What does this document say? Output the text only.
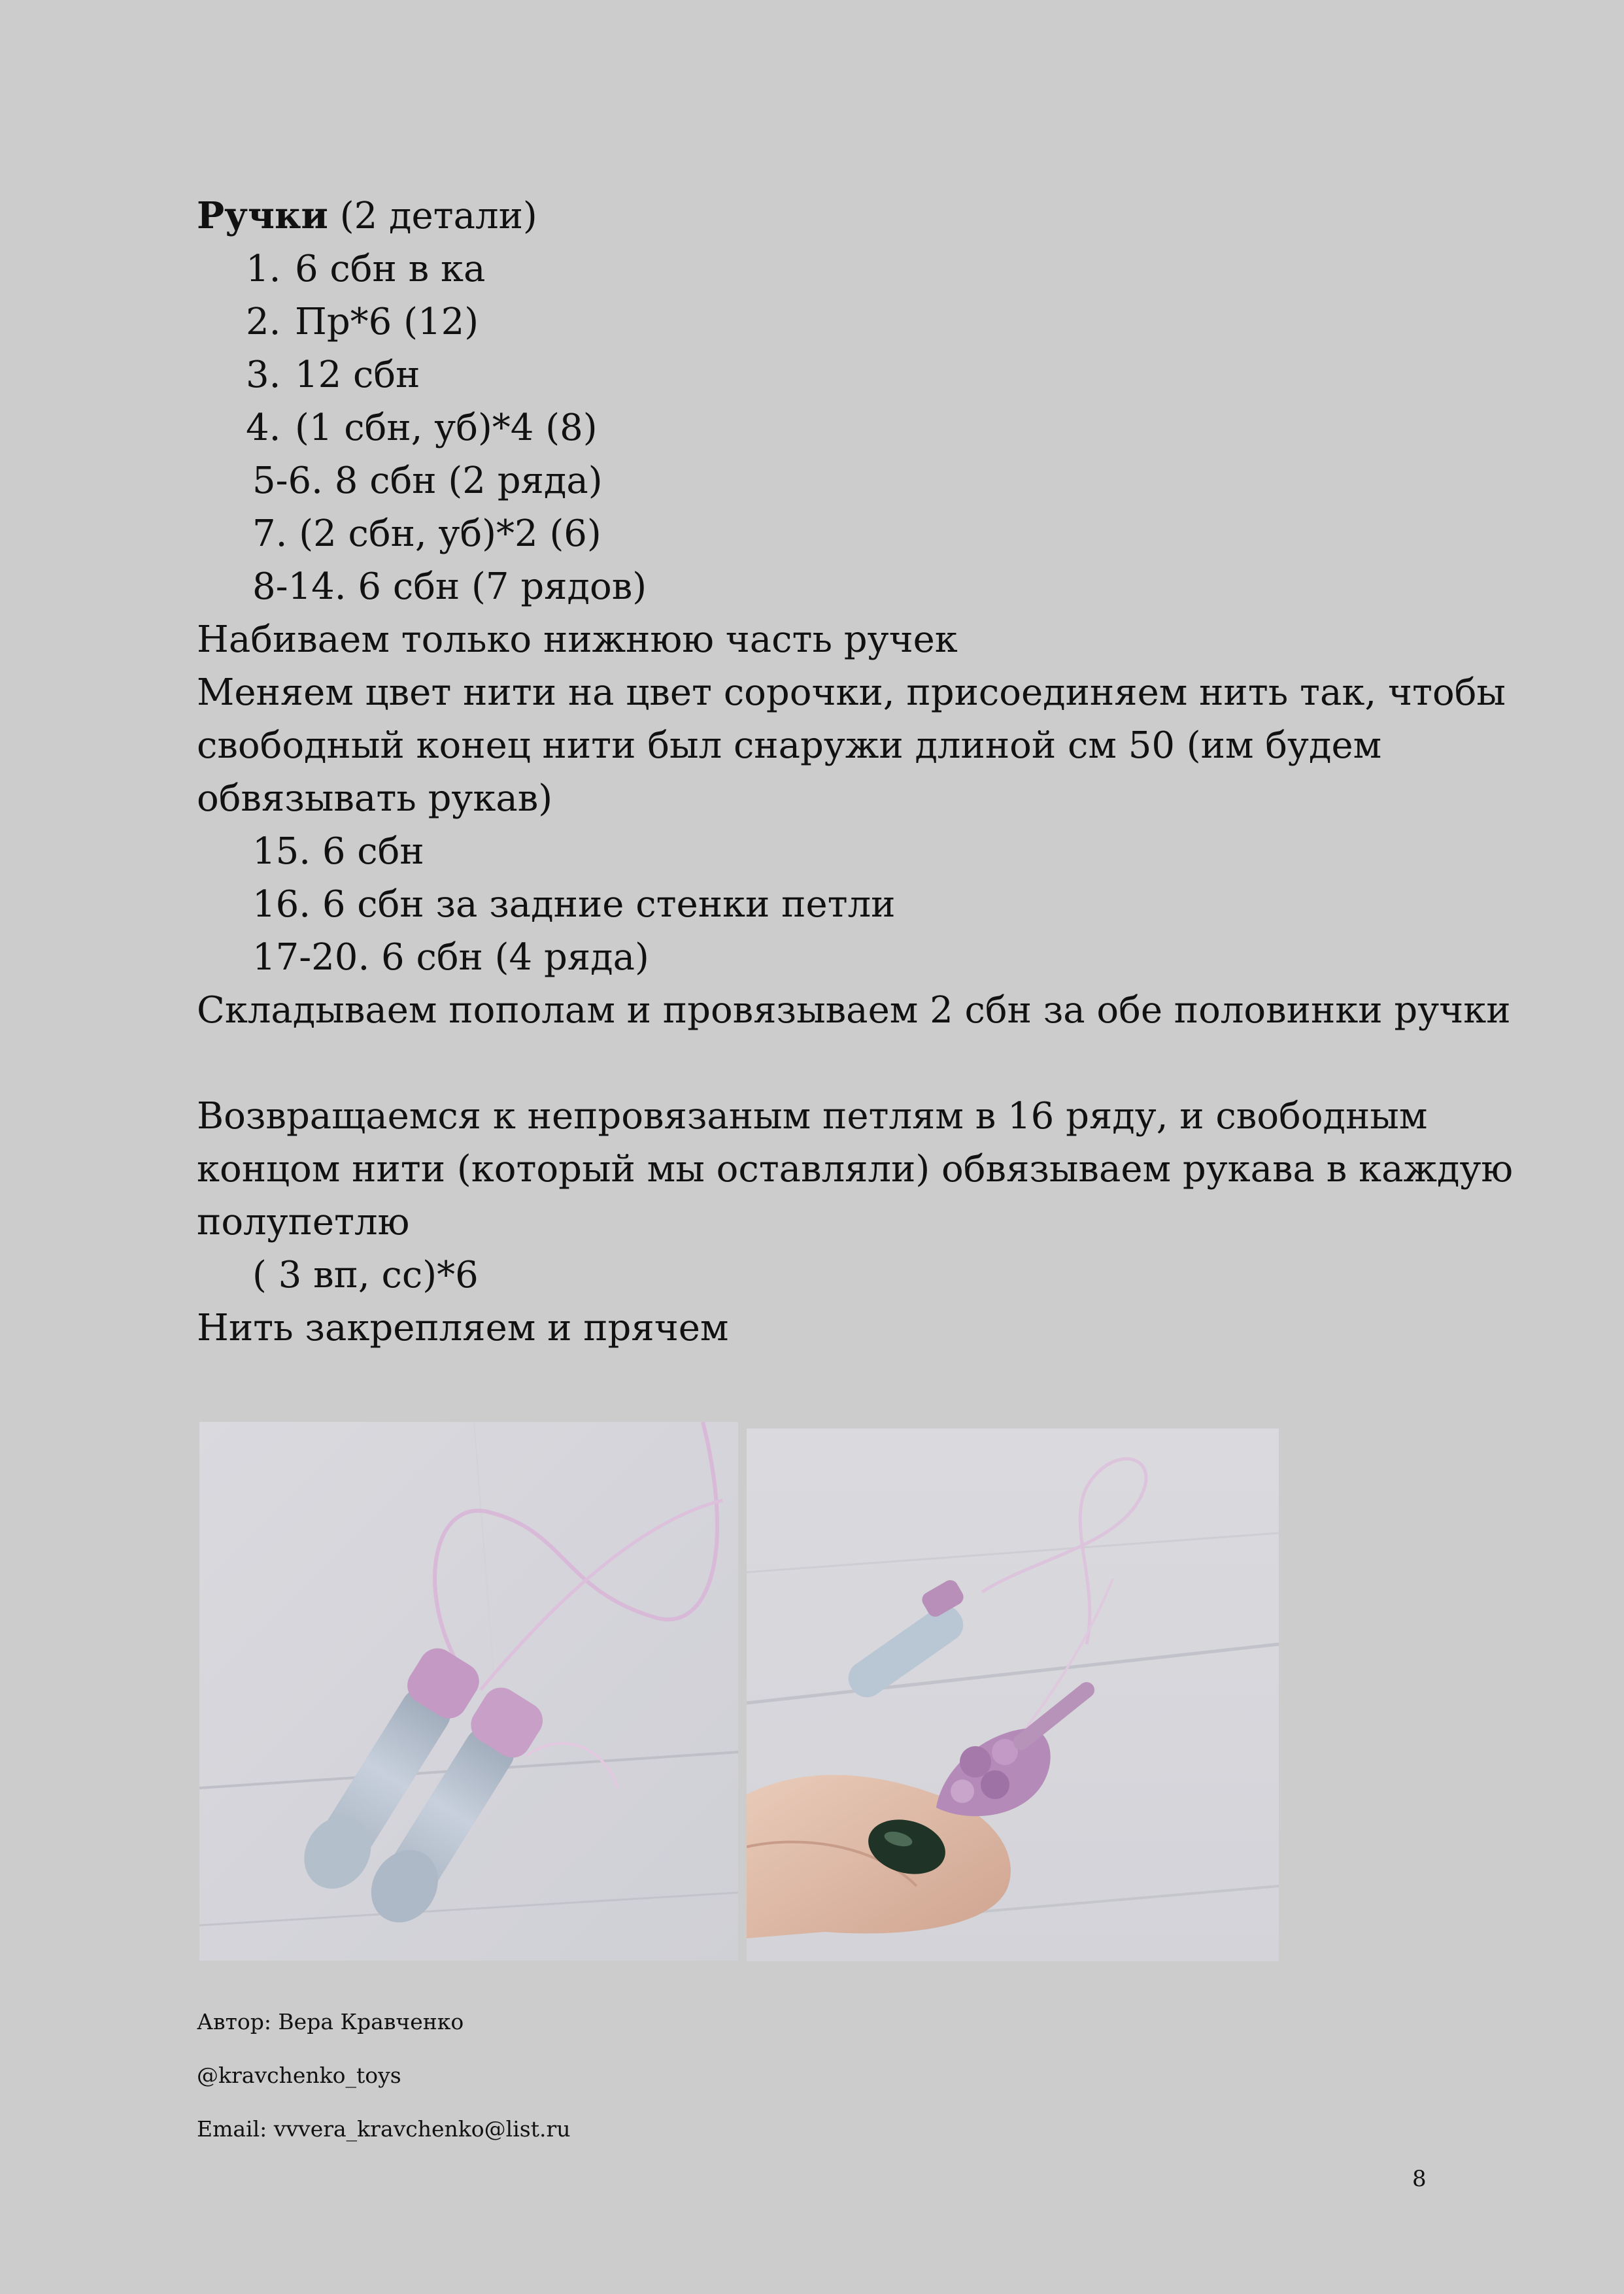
Ручки (2 детали)
1. 6 сбн в ка
2. Пр*6 (12)
3. 12 сбн
4. (1 сбн, уб)*4 (8)
5-6. 8 сбн (2 ряда)
7. (2 сбн, уб)*2 (6)
8-14. 6 сбн (7 рядов)
Набиваем только нижнюю часть ручек
Меняем цвет нити на цвет сорочки, присоединяем нить так, чтобы
свободный конец нити был снаружи длиной см 50 (им будем
обвязывать рукав)
15. 6 сбн
16. 6 сбн за задние стенки петли
17-20. 6 сбн (4 ряда)
Складываем пополам и провязываем 2 сбн за обе половинки ручки
Возвращаемся к непровязаным петлям в 16 ряду, и свободным
концом нити (который мы оставляли) обвязываем рукава в каждую
полупетлю
( 3 вп, сс)*6
Нить закрепляем и прячем
Автор: Вера Кравченко
@kravchenko_toys
Email: vvvera_kravchenko@list.ru
8
